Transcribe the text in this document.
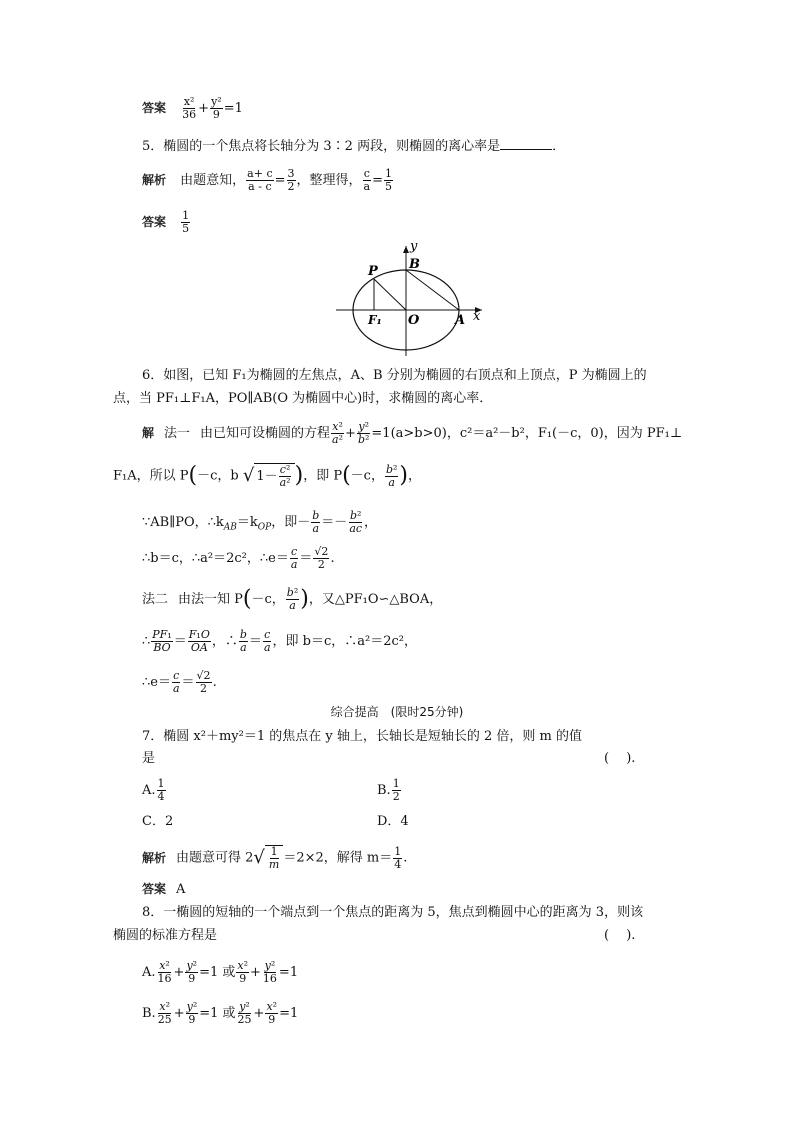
答案 $\frac{\text{x²}}{36} + \frac{\text{y²}}{9} =1$
5．椭圆的一个焦点将长轴分为 3∶2 两段，则椭圆的离心率是	．
解析 由题意知， $\frac{a+ c}{a - c} = \frac{3}{2}$ ，整理得， $\frac{c}{a} = \frac{1}{5}$
答案 $\frac{1}{5}$
y
x
P B
F₁ O	A
6．如图，已知 F₁为椭圆的左焦点，A、B 分别为椭圆的右顶点和上顶点，P 为椭圆上的
点，当 PF₁⊥F₁A，PO∥AB(O 为椭圆中心)时，求椭圆的离心率．
解 法一 由已知可设椭圆的方程 $\frac{\text{x²}}{\text{a²}} + \frac{\text{y²}}{\text{b²}} =1(a>b>0)$，c²＝a²－b²，F₁(－c，0)，因为 PF₁⊥
F₁A，所以 P(－c，b √ $1- \frac{\text{c²}}{\text{a²}}$ )，即 P(－c， $\frac{\text{b²}}{a}$ )，
∵AB∥PO，$\therefore k_{AB}=k_{OP}$，即－ $\frac{b}{a} =- \frac{\text{b²}}{ac}$ ，
∴b＝c，∴a²＝2c²，∴e＝ $\frac{c}{a} = \frac{√2}{2}$ .
法二 由法一知 P(－c， $\frac{\text{b²}}{a}$ )，又△PF₁O∽△BOA，
∴ $\frac{\text{PF₁}}{BO} = \frac{\text{F₁O}}{OA}$ ，∴ $\frac{b}{a} = \frac{c}{a}$ ，即 b＝c，∴a²＝2c²，
∴e＝ $\frac{c}{a} = \frac{√2}{2}$ .
综合提高　(限时25分钟)
7．椭圆 x²＋my²＝1 的焦点在 y 轴上，长轴长是短轴长的 2 倍，则 m 的值
是	(　 ).
A. $\frac{1}{4}$	B. $\frac{1}{2}$
C．2	D．4
解析 由题意可得 2 √ $\frac{1}{m} =2\times 2$，解得 $m= \frac{1}{4}$ .
答案 A
8．一椭圆的短轴的一个端点到一个焦点的距离为 5，焦点到椭圆中心的距离为 3，则该
椭圆的标准方程是	(　 ).
A. $\frac{\text{x²}}{16} + \frac{\text{y²}}{9} =1$ 或 $\frac{\text{x²}}{9} + \frac{\text{y²}}{16} =1$
B. $\frac{\text{x²}}{25} + \frac{\text{y²}}{9} =1$ 或 $\frac{\text{y²}}{25} + \frac{\text{x²}}{9} =1$
